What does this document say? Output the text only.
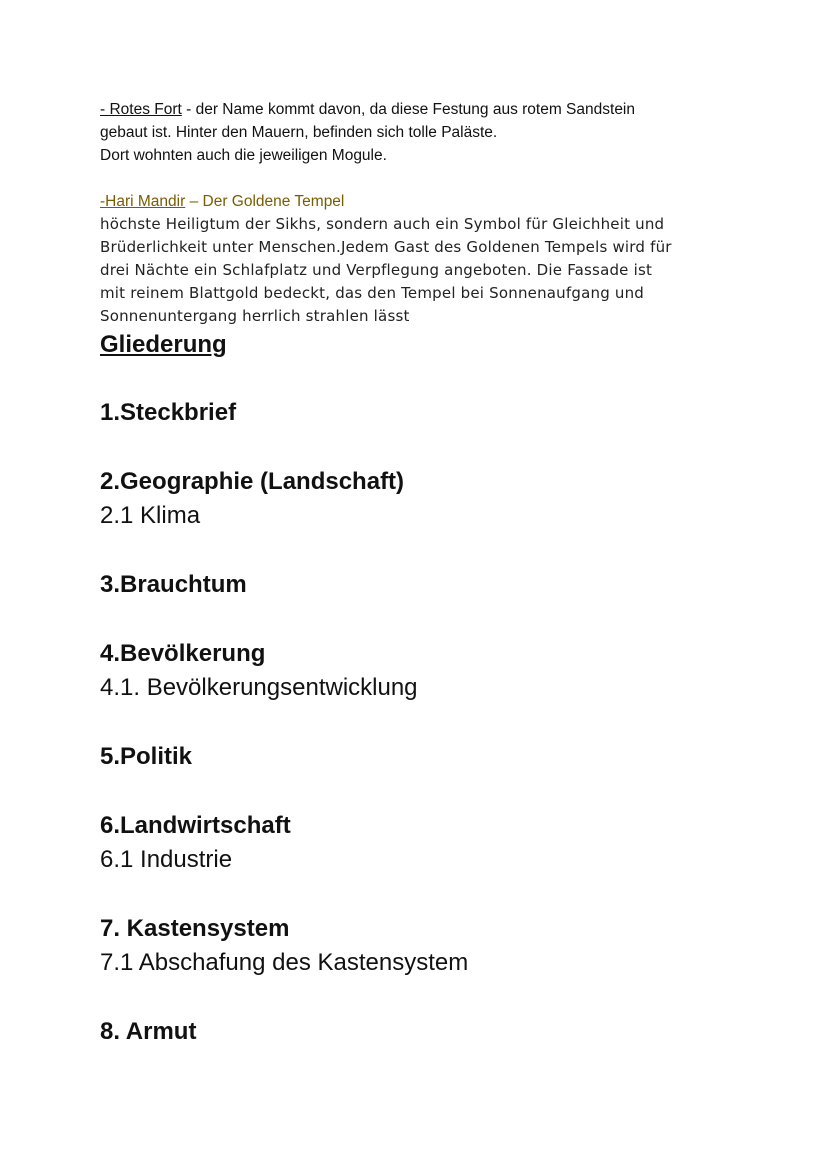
- Rotes Fort - der Name kommt davon, da diese Festung aus rotem Sandstein
gebaut ist. Hinter den Mauern, befinden sich tolle Paläste.
Dort wohnten auch die jeweiligen Mogule.
-Hari Mandir – Der Goldene Tempel
höchste Heiligtum der Sikhs, sondern auch ein Symbol für Gleichheit und
Brüderlichkeit unter Menschen.Jedem Gast des Goldenen Tempels wird für
drei Nächte ein Schlafplatz und Verpflegung angeboten. Die Fassade ist
mit reinem Blattgold bedeckt, das den Tempel bei Sonnenaufgang und
Sonnenuntergang herrlich strahlen lässt
Gliederung
1.Steckbrief
2.Geographie (Landschaft)
2.1 Klima
3.Brauchtum
4.Bevölkerung
4.1. Bevölkerungsentwicklung
5.Politik
6.Landwirtschaft
6.1 Industrie
7. Kastensystem
7.1 Abschafung des Kastensystem
8. Armut
